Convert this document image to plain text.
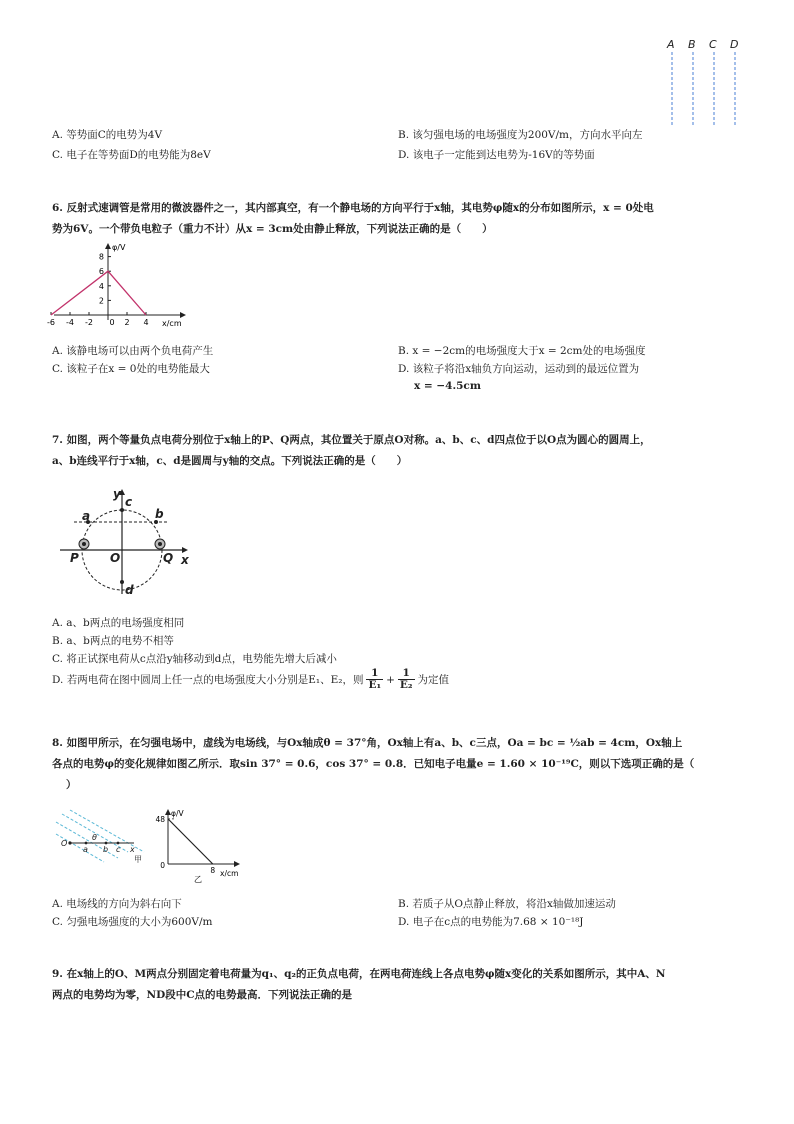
A B C D
A. 等势面C的电势为4V	B. 该匀强电场的电场强度为200V/m，方向水平向左
C. 电子在等势面D的电势能为8eV	D. 该电子一定能到达电势为-16V的等势面
6. 反射式速调管是常用的微波器件之一，其内部真空，有一个静电场的方向平行于x轴，其电势φ随x的分布如图所示，x = 0处电
势为6V。一个带负电粒子（重力不计）从x = 3cm处由静止释放，下列说法正确的是（　　）
φ/V
x/cm
8
6
4
2
-6 -4 -2 0 2 4
A. 该静电场可以由两个负电荷产生	B. x = −2cm的电场强度大于x = 2cm处的电场强度
C. 该粒子在x = 0处的电势能最大	D. 该粒子将沿x轴负方向运动，运动到的最远位置为
x = −4.5cm
7. 如图，两个等量负点电荷分别位于x轴上的P、Q两点，其位置关于原点O对称。a、b、c、d四点位于以O点为圆心的圆周上，
a、b连线平行于x轴，c、d是圆周与y轴的交点。下列说法正确的是（　　）
y
c
a	b
P	O	Q x
d
A. a、b两点的电场强度相同
B. a、b两点的电势不相等
C. 将正试探电荷从c点沿y轴移动到d点，电势能先增大后减小
D. 若两电荷在图中圆周上任一点的电场强度大小分别是E₁、E₂，则 $\frac{1}{\text{E₁}} + \frac{1}{\text{E₂}}$ 为定值
8. 如图甲所示，在匀强电场中，虚线为电场线，与Ox轴成θ = 37°角，Ox轴上有a、b、c三点，Oa = bc = ½ab = 4cm，Ox轴上
各点的电势φ的变化规律如图乙所示．取sin 37° = 0.6，cos 37° = 0.8．已知电子电量e = 1.60 × 10⁻¹⁹C，则以下选项正确的是（
）
O
θ
a b c x
甲
φ/V
x/cm
48
8
0
乙
A. 电场线的方向为斜右向下	B. 若质子从O点静止释放，将沿x轴做加速运动
C. 匀强电场强度的大小为600V/m	D. 电子在c点的电势能为7.68 × 10⁻¹⁸J
9. 在x轴上的O、M两点分别固定着电荷量为q₁、q₂的正负点电荷，在两电荷连线上各点电势φ随x变化的关系如图所示，其中A、N
两点的电势均为零，ND段中C点的电势最高．下列说法正确的是
